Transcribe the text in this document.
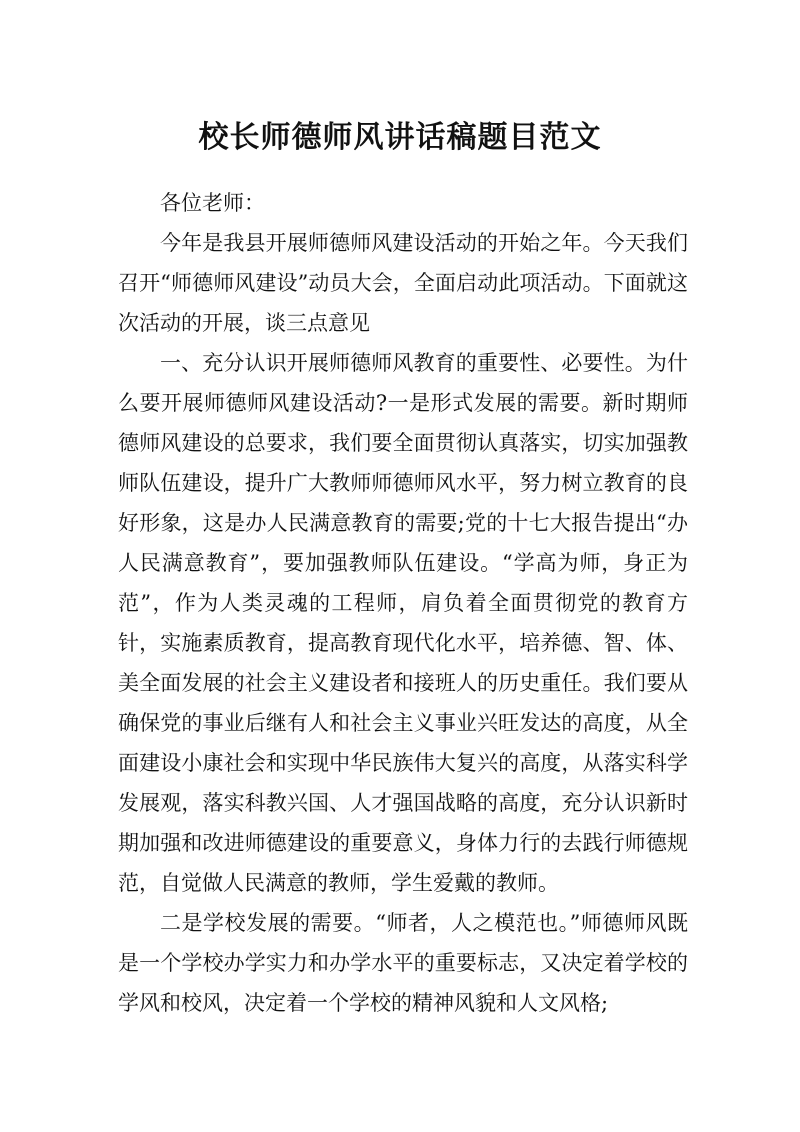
校长师德师风讲话稿题目范文

各位老师：

今年是我县开展师德师风建设活动的开始之年。今天我们召开“师德师风建设”动员大会，全面启动此项活动。下面就这次活动的开展，谈三点意见

一、充分认识开展师德师风教育的重要性、必要性。为什么要开展师德师风建设活动?一是形式发展的需要。新时期师德师风建设的总要求，我们要全面贯彻认真落实，切实加强教师队伍建设，提升广大教师师德师风水平，努力树立教育的良好形象，这是办人民满意教育的需要;党的十七大报告提出“办人民满意教育”，要加强教师队伍建设。“学高为师，身正为范”，作为人类灵魂的工程师，肩负着全面贯彻党的教育方针，实施素质教育，提高教育现代化水平，培养德、智、体、美全面发展的社会主义建设者和接班人的历史重任。我们要从确保党的事业后继有人和社会主义事业兴旺发达的高度，从全面建设小康社会和实现中华民族伟大复兴的高度，从落实科学发展观，落实科教兴国、人才强国战略的高度，充分认识新时期加强和改进师德建设的重要意义，身体力行的去践行师德规范，自觉做人民满意的教师，学生爱戴的教师。

二是学校发展的需要。“师者，人之模范也。”师德师风既是一个学校办学实力和办学水平的重要标志，又决定着学校的学风和校风，决定着一个学校的精神风貌和人文风格;
